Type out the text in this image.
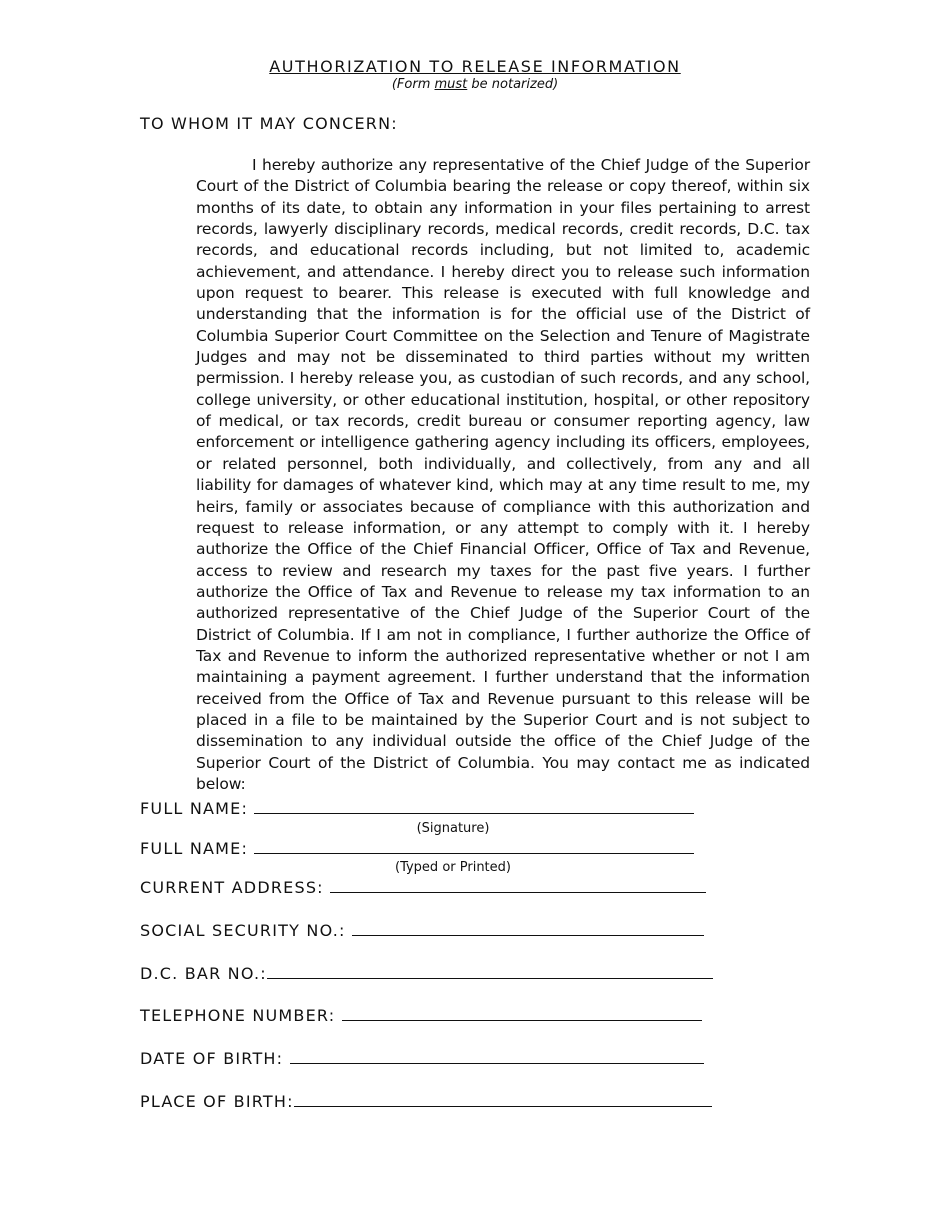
AUTHORIZATION TO RELEASE INFORMATION
(Form must be notarized)
TO WHOM IT MAY CONCERN:
I hereby authorize any representative of the Chief Judge of the Superior Court of the District of Columbia bearing the release or copy thereof, within six months of its date, to obtain any information in your files pertaining to arrest records, lawyerly disciplinary records, medical records, credit records, D.C. tax records, and educational records including, but not limited to, academic achievement, and attendance. I hereby direct you to release such information upon request to bearer. This release is executed with full knowledge and understanding that the information is for the official use of the District of Columbia Superior Court Committee on the Selection and Tenure of Magistrate Judges and may not be disseminated to third parties without my written permission. I hereby release you, as custodian of such records, and any school, college university, or other educational institution, hospital, or other repository of medical, or tax records, credit bureau or consumer reporting agency, law enforcement or intelligence gathering agency including its officers, employees, or related personnel, both individually, and collectively, from any and all liability for damages of whatever kind, which may at any time result to me, my heirs, family or associates because of compliance with this authorization and request to release information, or any attempt to comply with it. I hereby authorize the Office of the Chief Financial Officer, Office of Tax and Revenue, access to review and research my taxes for the past five years. I further authorize the Office of Tax and Revenue to release my tax information to an authorized representative of the Chief Judge of the Superior Court of the District of Columbia. If I am not in compliance, I further authorize the Office of Tax and Revenue to inform the authorized representative whether or not I am maintaining a payment agreement. I further understand that the information received from the Office of Tax and Revenue pursuant to this release will be placed in a file to be maintained by the Superior Court and is not subject to dissemination to any individual outside the office of the Chief Judge of the Superior Court of the District of Columbia. You may contact me as indicated below:
FULL NAME:
(Signature)
FULL NAME:
(Typed or Printed)
CURRENT ADDRESS:
SOCIAL SECURITY NO.:
D.C. BAR NO.:
TELEPHONE NUMBER:
DATE OF BIRTH:
PLACE OF BIRTH:
